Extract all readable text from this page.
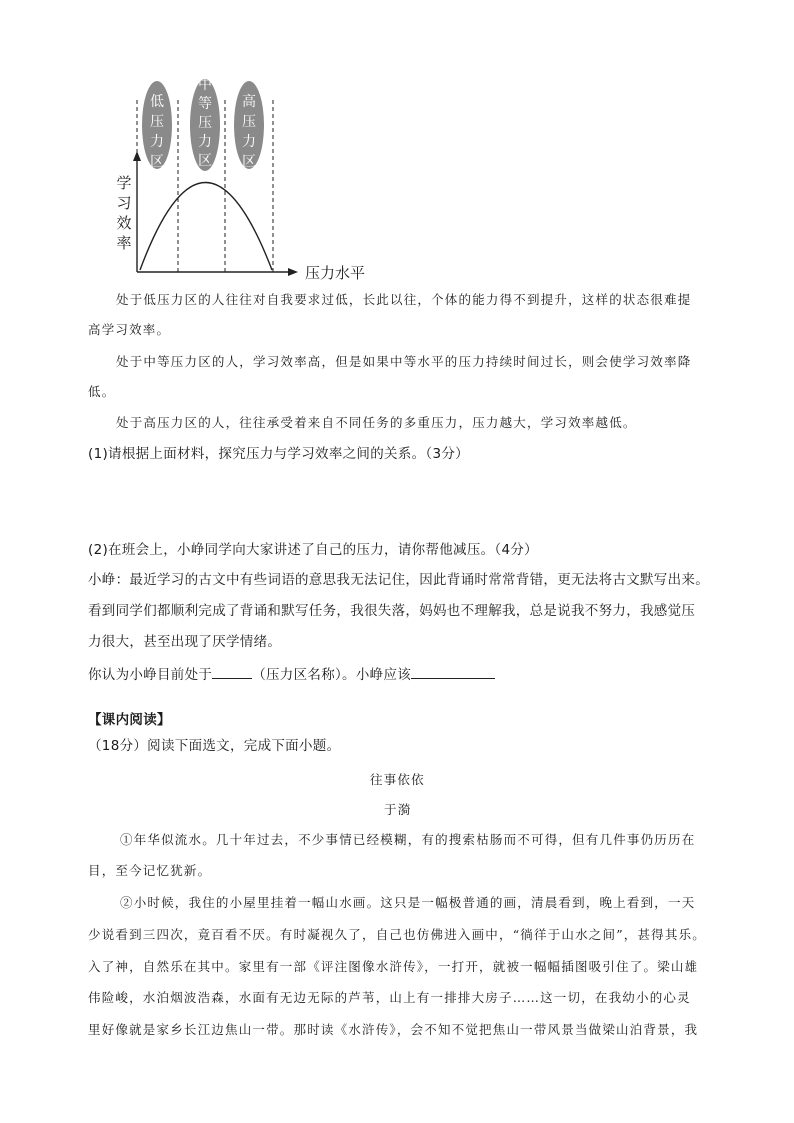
低压力区
中等压力区
高压力区
学习效率
压力水平
处于低压力区的人往往对自我要求过低，长此以往，个体的能力得不到提升，这样的状态很难提
高学习效率。
处于中等压力区的人，学习效率高，但是如果中等水平的压力持续时间过长，则会使学习效率降
低。
处于高压力区的人，往往承受着来自不同任务的多重压力，压力越大，学习效率越低。
(1)请根据上面材料，探究压力与学习效率之间的关系。（3分）
(2)在班会上，小峥同学向大家讲述了自己的压力，请你帮他减压。（4分）
小峥：最近学习的古文中有些词语的意思我无法记住，因此背诵时常常背错，更无法将古文默写出来。
看到同学们都顺利完成了背诵和默写任务，我很失落，妈妈也不理解我，总是说我不努力，我感觉压
力很大，甚至出现了厌学情绪。
你认为小峥目前处于	（压力区名称）。小峥应该
【课内阅读】
（18分）阅读下面选文，完成下面小题。
往事依依
于漪
①年华似流水。几十年过去，不少事情已经模糊，有的搜索枯肠而不可得，但有几件事仍历历在
目，至今记忆犹新。
②小时候，我住的小屋里挂着一幅山水画。这只是一幅极普通的画，清晨看到，晚上看到，一天
少说看到三四次，竟百看不厌。有时凝视久了，自己也仿佛进入画中，“徜徉于山水之间”，甚得其乐。
入了神，自然乐在其中。家里有一部《评注图像水浒传》，一打开，就被一幅幅插图吸引住了。梁山雄
伟险峻，水泊烟波浩森，水面有无边无际的芦苇，山上有一排排大房子……这一切，在我幼小的心灵
里好像就是家乡长江边焦山一带。那时读《水浒传》，会不知不觉把焦山一带风景当做梁山泊背景，我
